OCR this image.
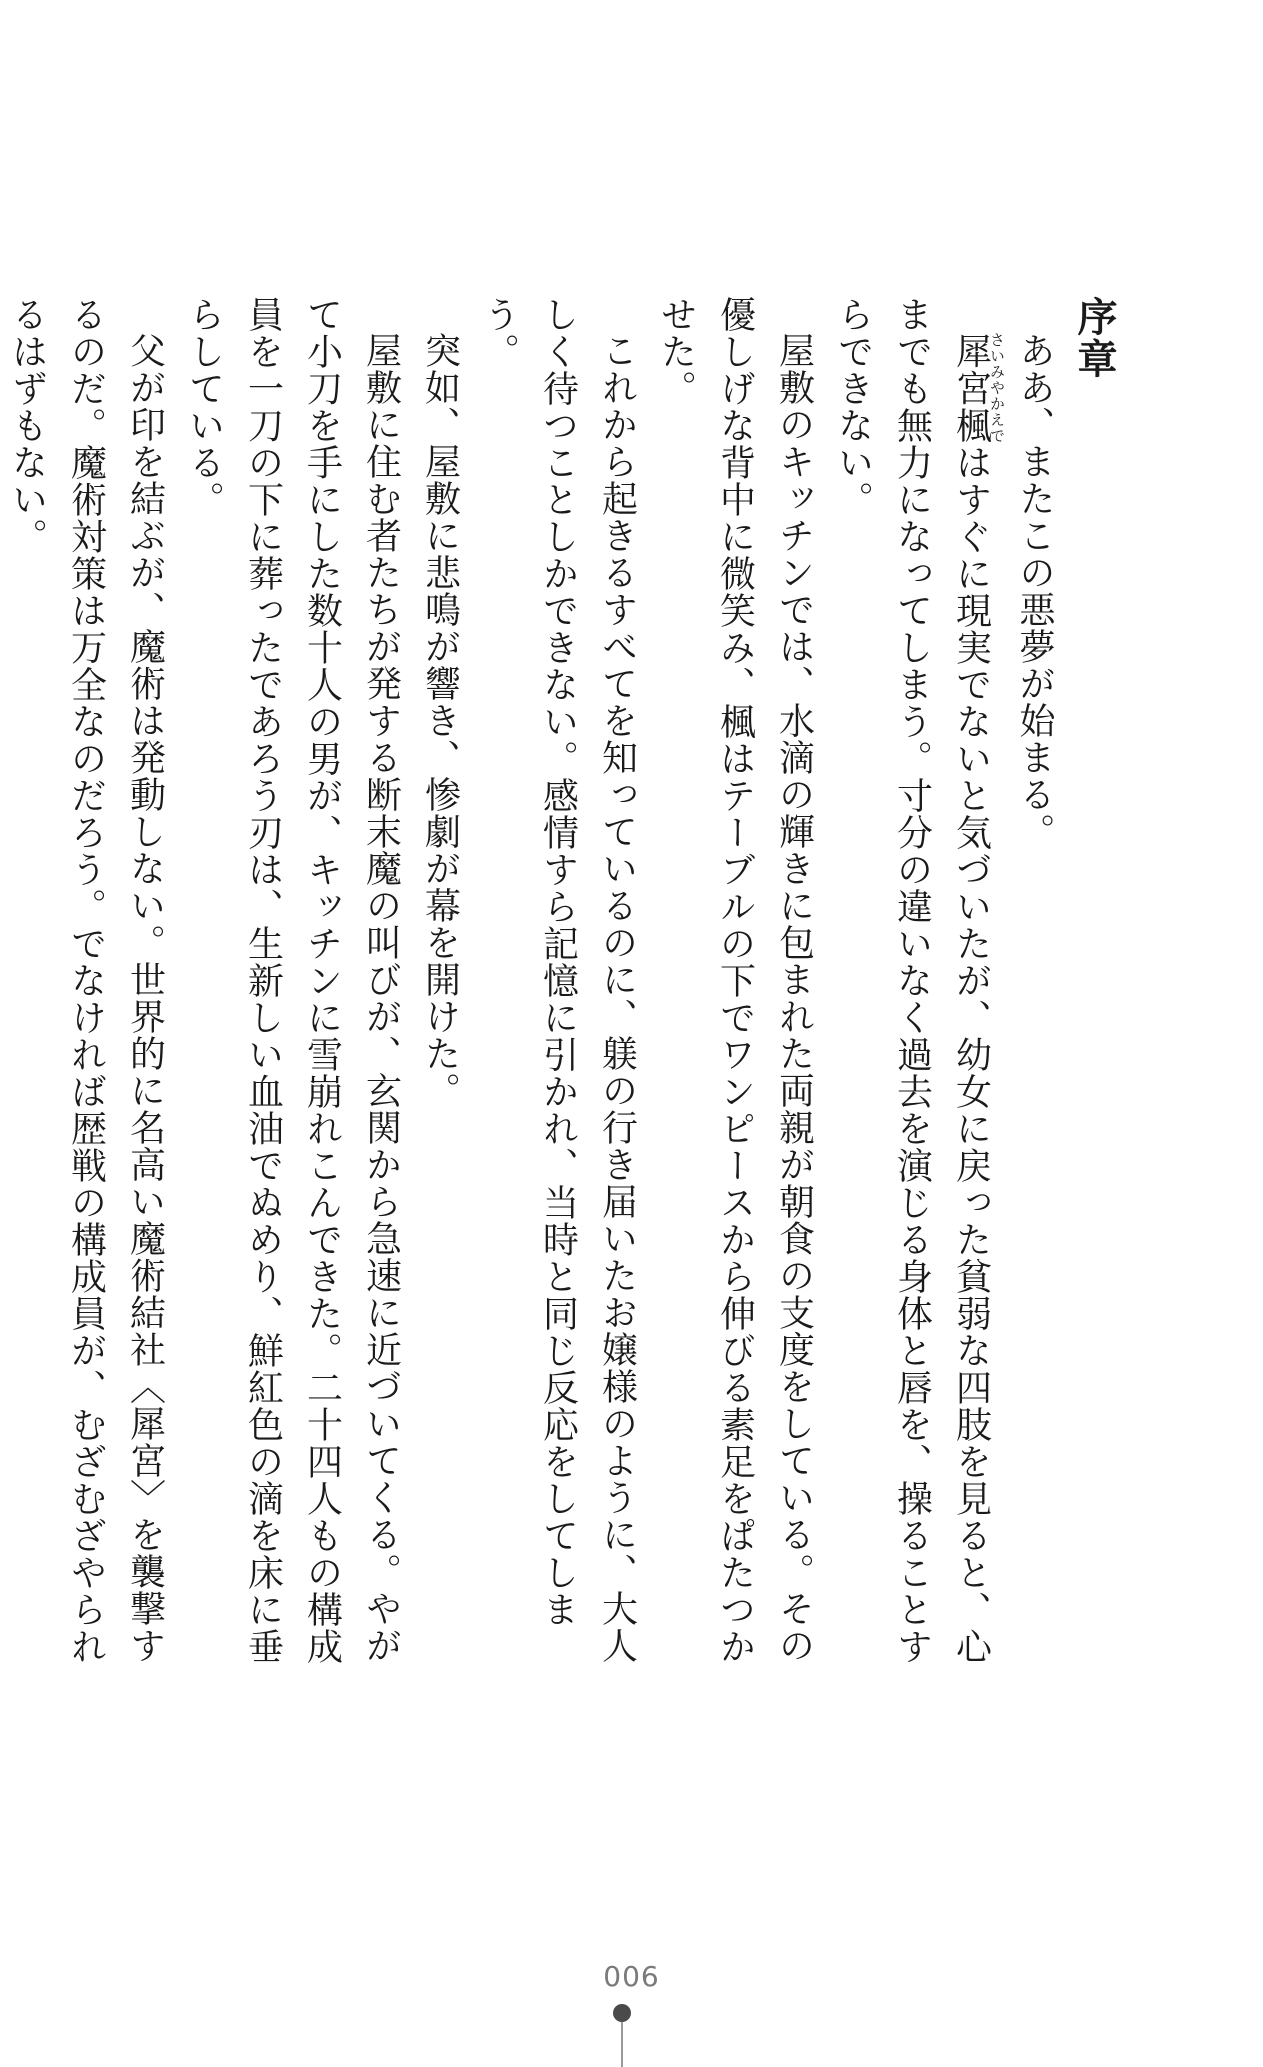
序章

ああ、またこの悪夢が始まる。

犀宮楓さいみやかえではすぐに現実でないと気づいたが、幼女に戻った貧弱な四肢を見ると、心までも無力になってしまう。寸分の違いなく過去を演じる身体と唇を、操ることすらできない。

屋敷のキッチンでは、水滴の輝きに包まれた両親が朝食の支度をしている。その優しげな背中に微笑み、楓はテーブルの下でワンピースから伸びる素足をぱたつかせた。

これから起きるすべてを知っているのに、躾の行き届いたお嬢様のように、大人しく待つことしかできない。感情すら記憶に引かれ、当時と同じ反応をしてしまう。

突如、屋敷に悲鳴が響き、惨劇が幕を開けた。

屋敷に住む者たちが発する断末魔の叫びが、玄関から急速に近づいてくる。やがて小刀を手にした数十人の男が、キッチンに雪崩れこんできた。二十四人もの構成員を一刀の下に葬ったであろう刃は、生新しい血油でぬめり、鮮紅色の滴を床に垂らしている。

父が印を結ぶが、魔術は発動しない。世界的に名高い魔術結社〈犀宮〉を襲撃するのだ。魔術対策は万全なのだろう。でなければ歴戦の構成員が、むざむざやられるはずもない。

006
